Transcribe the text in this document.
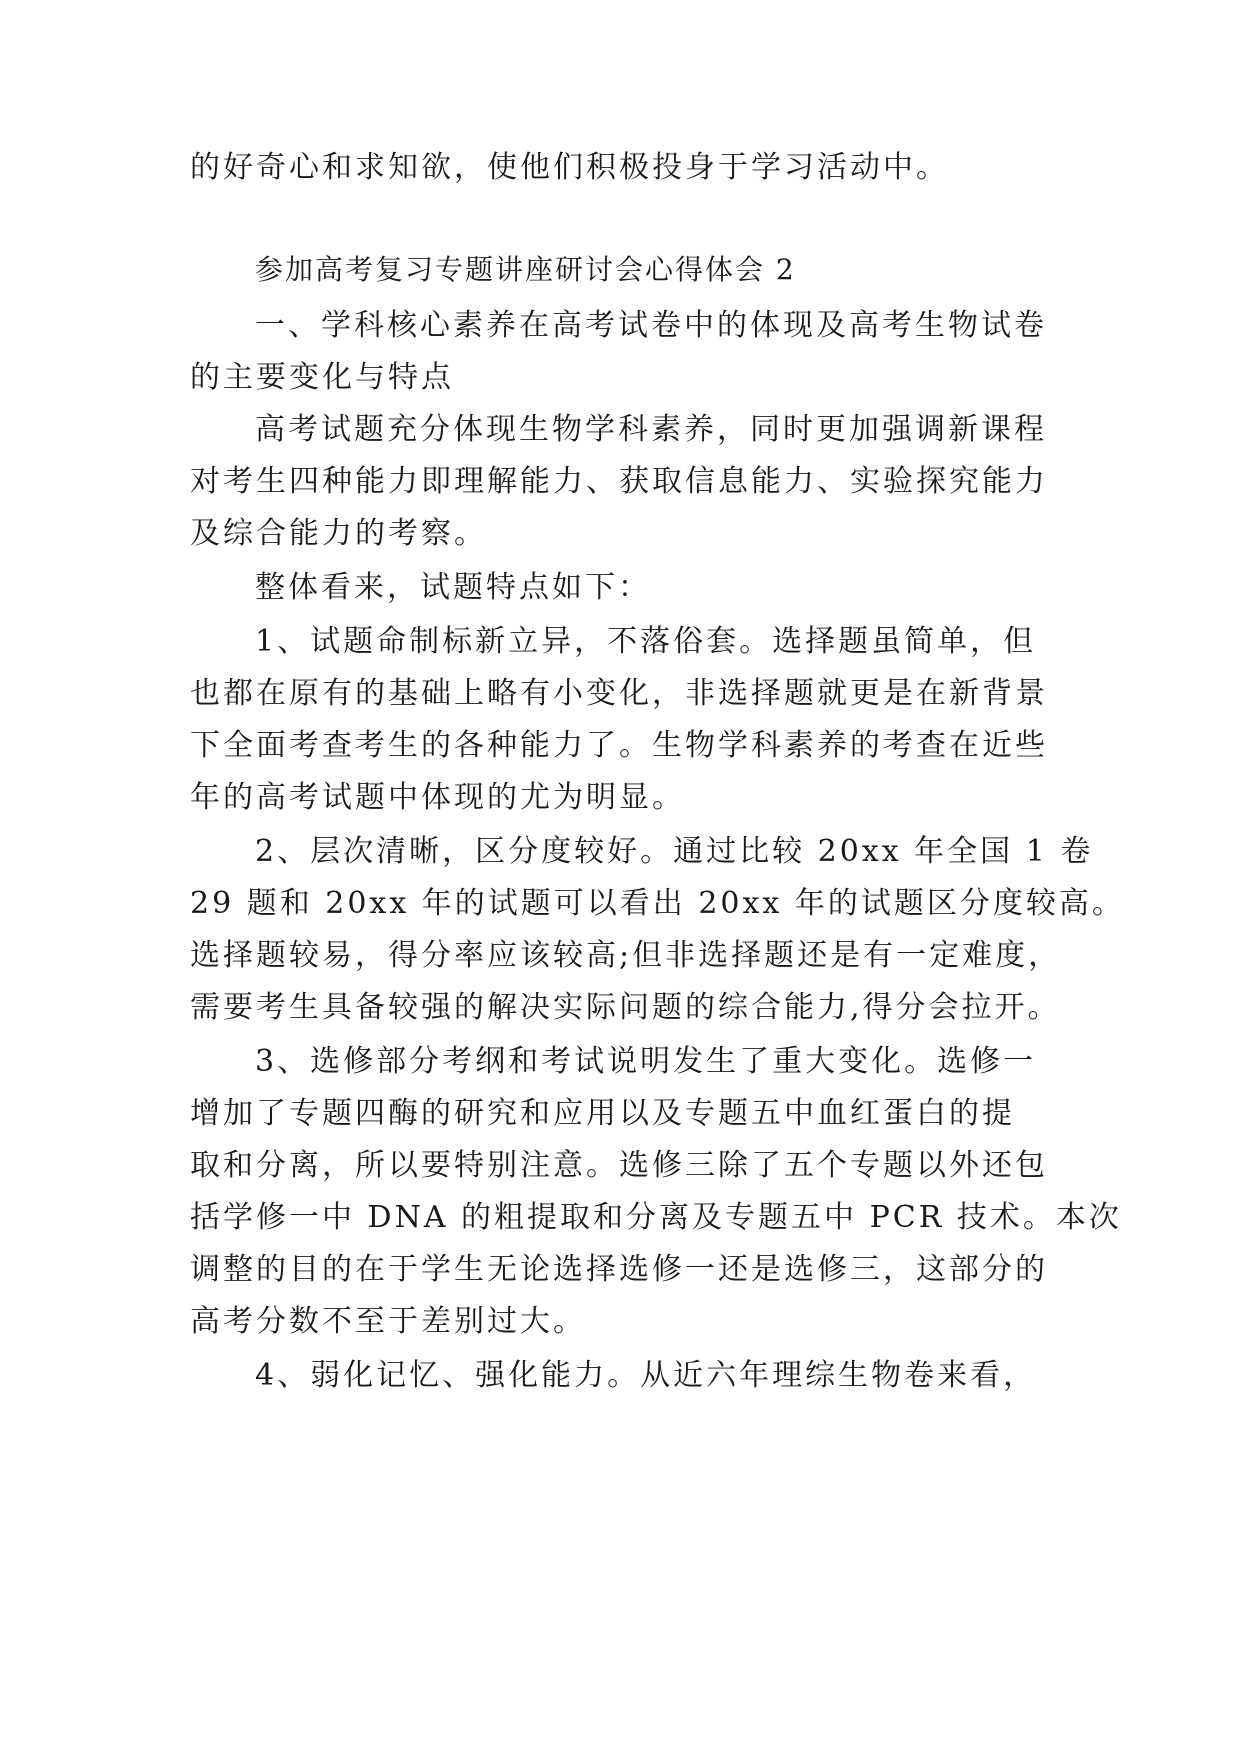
的好奇心和求知欲，使他们积极投身于学习活动中。

参加高考复习专题讲座研讨会心得体会 2

一、学科核心素养在高考试卷中的体现及高考生物试卷

的主要变化与特点

高考试题充分体现生物学科素养，同时更加强调新课程

对考生四种能力即理解能力、获取信息能力、实验探究能力

及综合能力的考察。

整体看来，试题特点如下：

1、试题命制标新立异，不落俗套。选择题虽简单，但

也都在原有的基础上略有小变化，非选择题就更是在新背景

下全面考查考生的各种能力了。生物学科素养的考查在近些

年的高考试题中体现的尤为明显。

2、层次清晰，区分度较好。通过比较 20xx 年全国 1 卷

29 题和 20xx 年的试题可以看出 20xx 年的试题区分度较高。

选择题较易，得分率应该较高;但非选择题还是有一定难度，

需要考生具备较强的解决实际问题的综合能力,得分会拉开。

3、选修部分考纲和考试说明发生了重大变化。选修一

增加了专题四酶的研究和应用以及专题五中血红蛋白的提

取和分离，所以要特别注意。选修三除了五个专题以外还包

括学修一中 DNA 的粗提取和分离及专题五中 PCR 技术。本次

调整的目的在于学生无论选择选修一还是选修三，这部分的

高考分数不至于差别过大。

4、弱化记忆、强化能力。从近六年理综生物卷来看，
